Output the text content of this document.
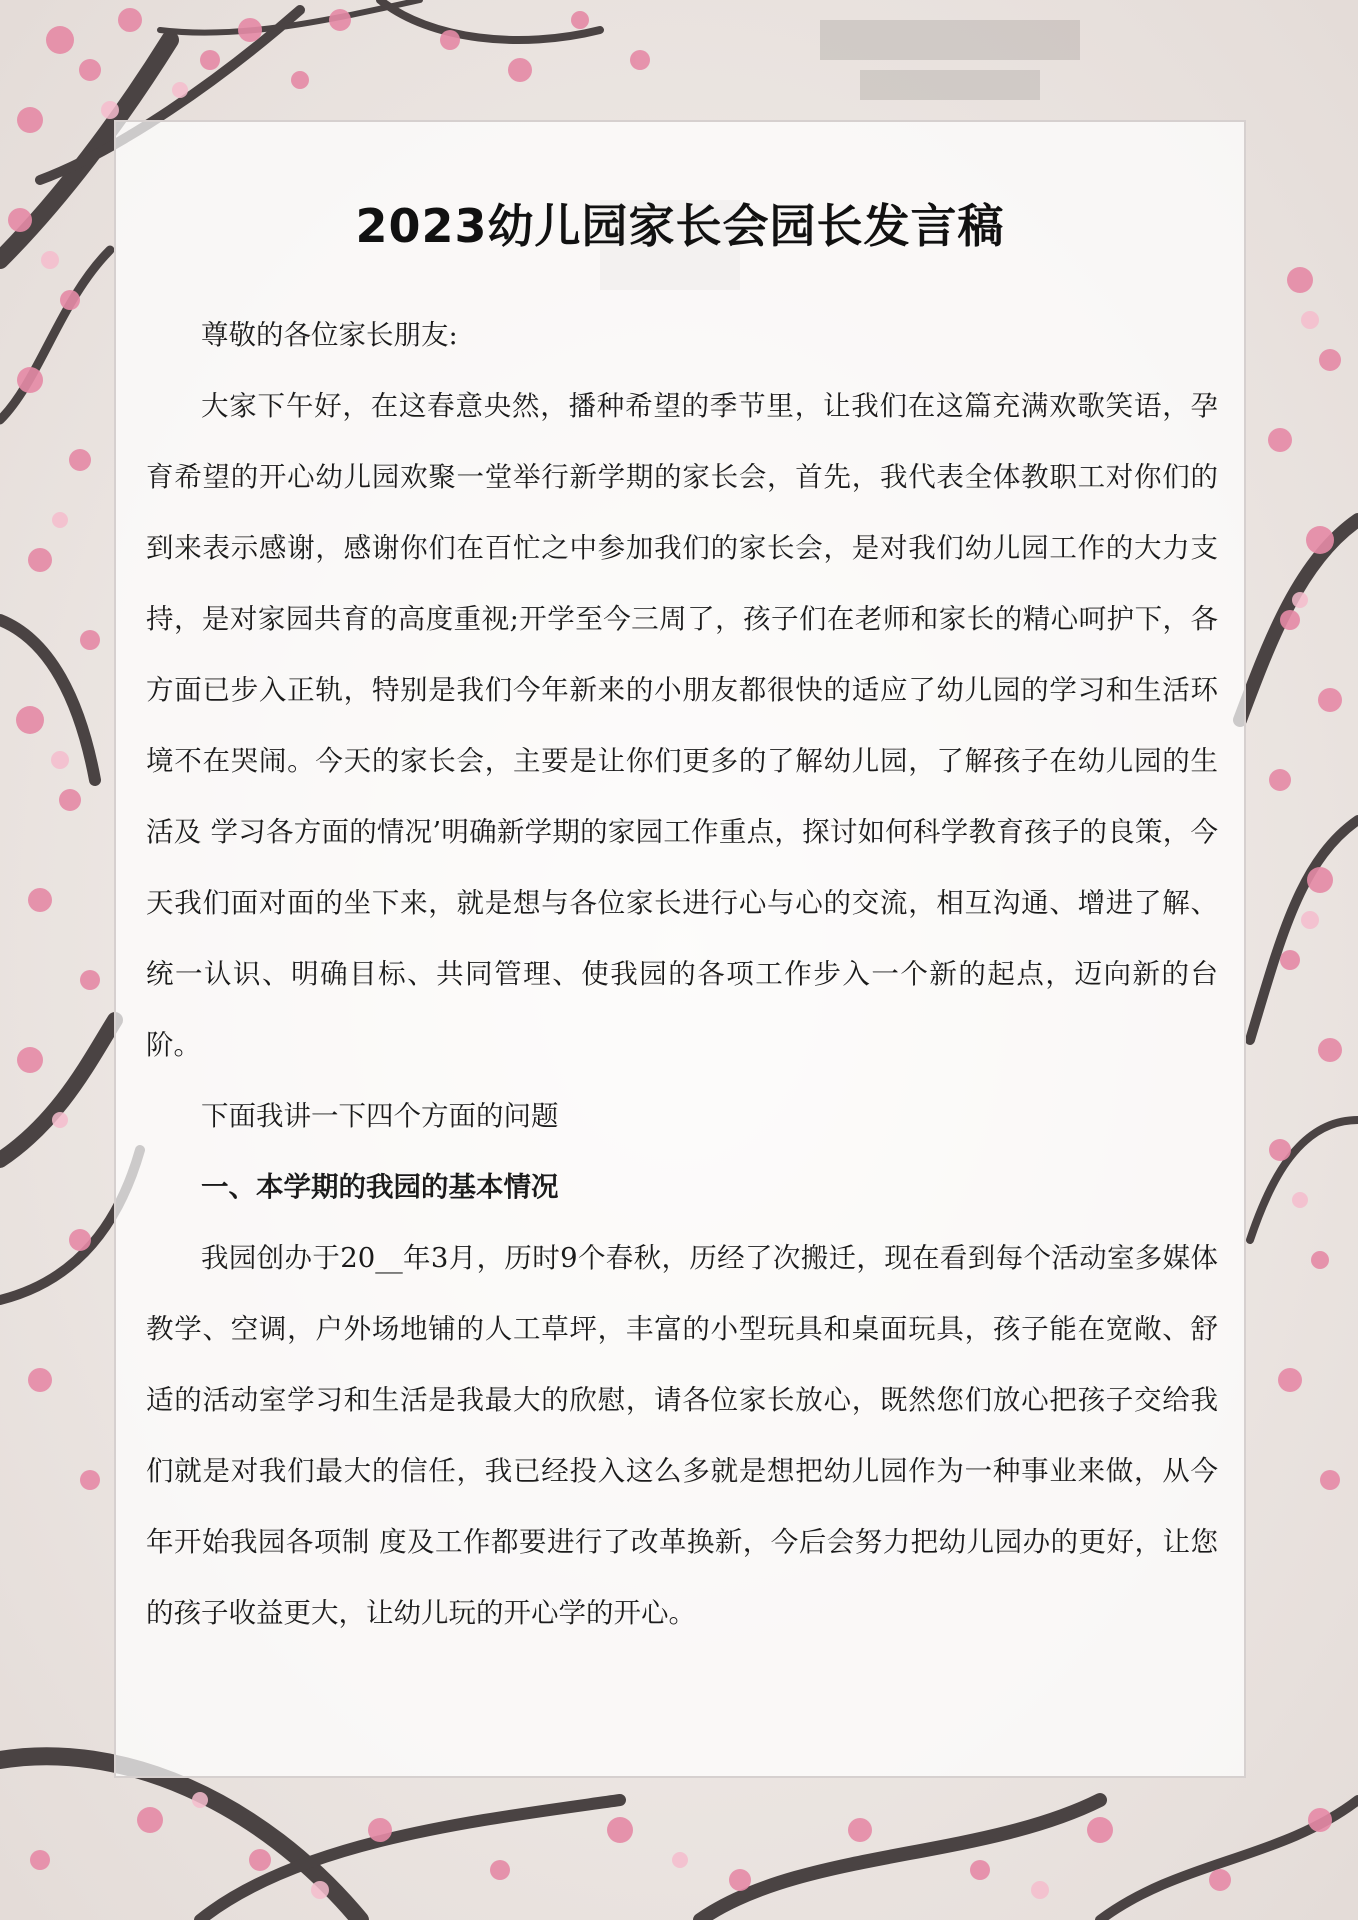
2023幼儿园家长会园长发言稿

尊敬的各位家长朋友:

大家下午好，在这春意央然，播种希望的季节里，让我们在这篇充满欢歌笑语，孕育希望的开心幼儿园欢聚一堂举行新学期的家长会，首先，我代表全体教职工对你们的到来表示感谢，感谢你们在百忙之中参加我们的家长会，是对我们幼儿园工作的大力支持，是对家园共育的高度重视;开学至今三周了，孩子们在老师和家长的精心呵护下，各方面已步入正轨，特别是我们今年新来的小朋友都很快的适应了幼儿园的学习和生活环境不在哭闹。今天的家长会，主要是让你们更多的了解幼儿园，了解孩子在幼儿园的生活及 学习各方面的情况’明确新学期的家园工作重点，探讨如何科学教育孩子的良策，今天我们面对面的坐下来，就是想与各位家长进行心与心的交流，相互沟通、增进了解、统一认识、明确目标、共同管理、使我园的各项工作步入一个新的起点，迈向新的台阶。

下面我讲一下四个方面的问题

一、本学期的我园的基本情况

我园创办于20__年3月，历时9个春秋，历经了次搬迁，现在看到每个活动室多媒体教学、空调，户外场地铺的人工草坪，丰富的小型玩具和桌面玩具，孩子能在宽敞、舒适的活动室学习和生活是我最大的欣慰，请各位家长放心，既然您们放心把孩子交给我们就是对我们最大的信任，我已经投入这么多就是想把幼儿园作为一种事业来做，从今年开始我园各项制 度及工作都要进行了改革换新，今后会努力把幼儿园办的更好，让您的孩子收益更大，让幼儿玩的开心学的开心。
